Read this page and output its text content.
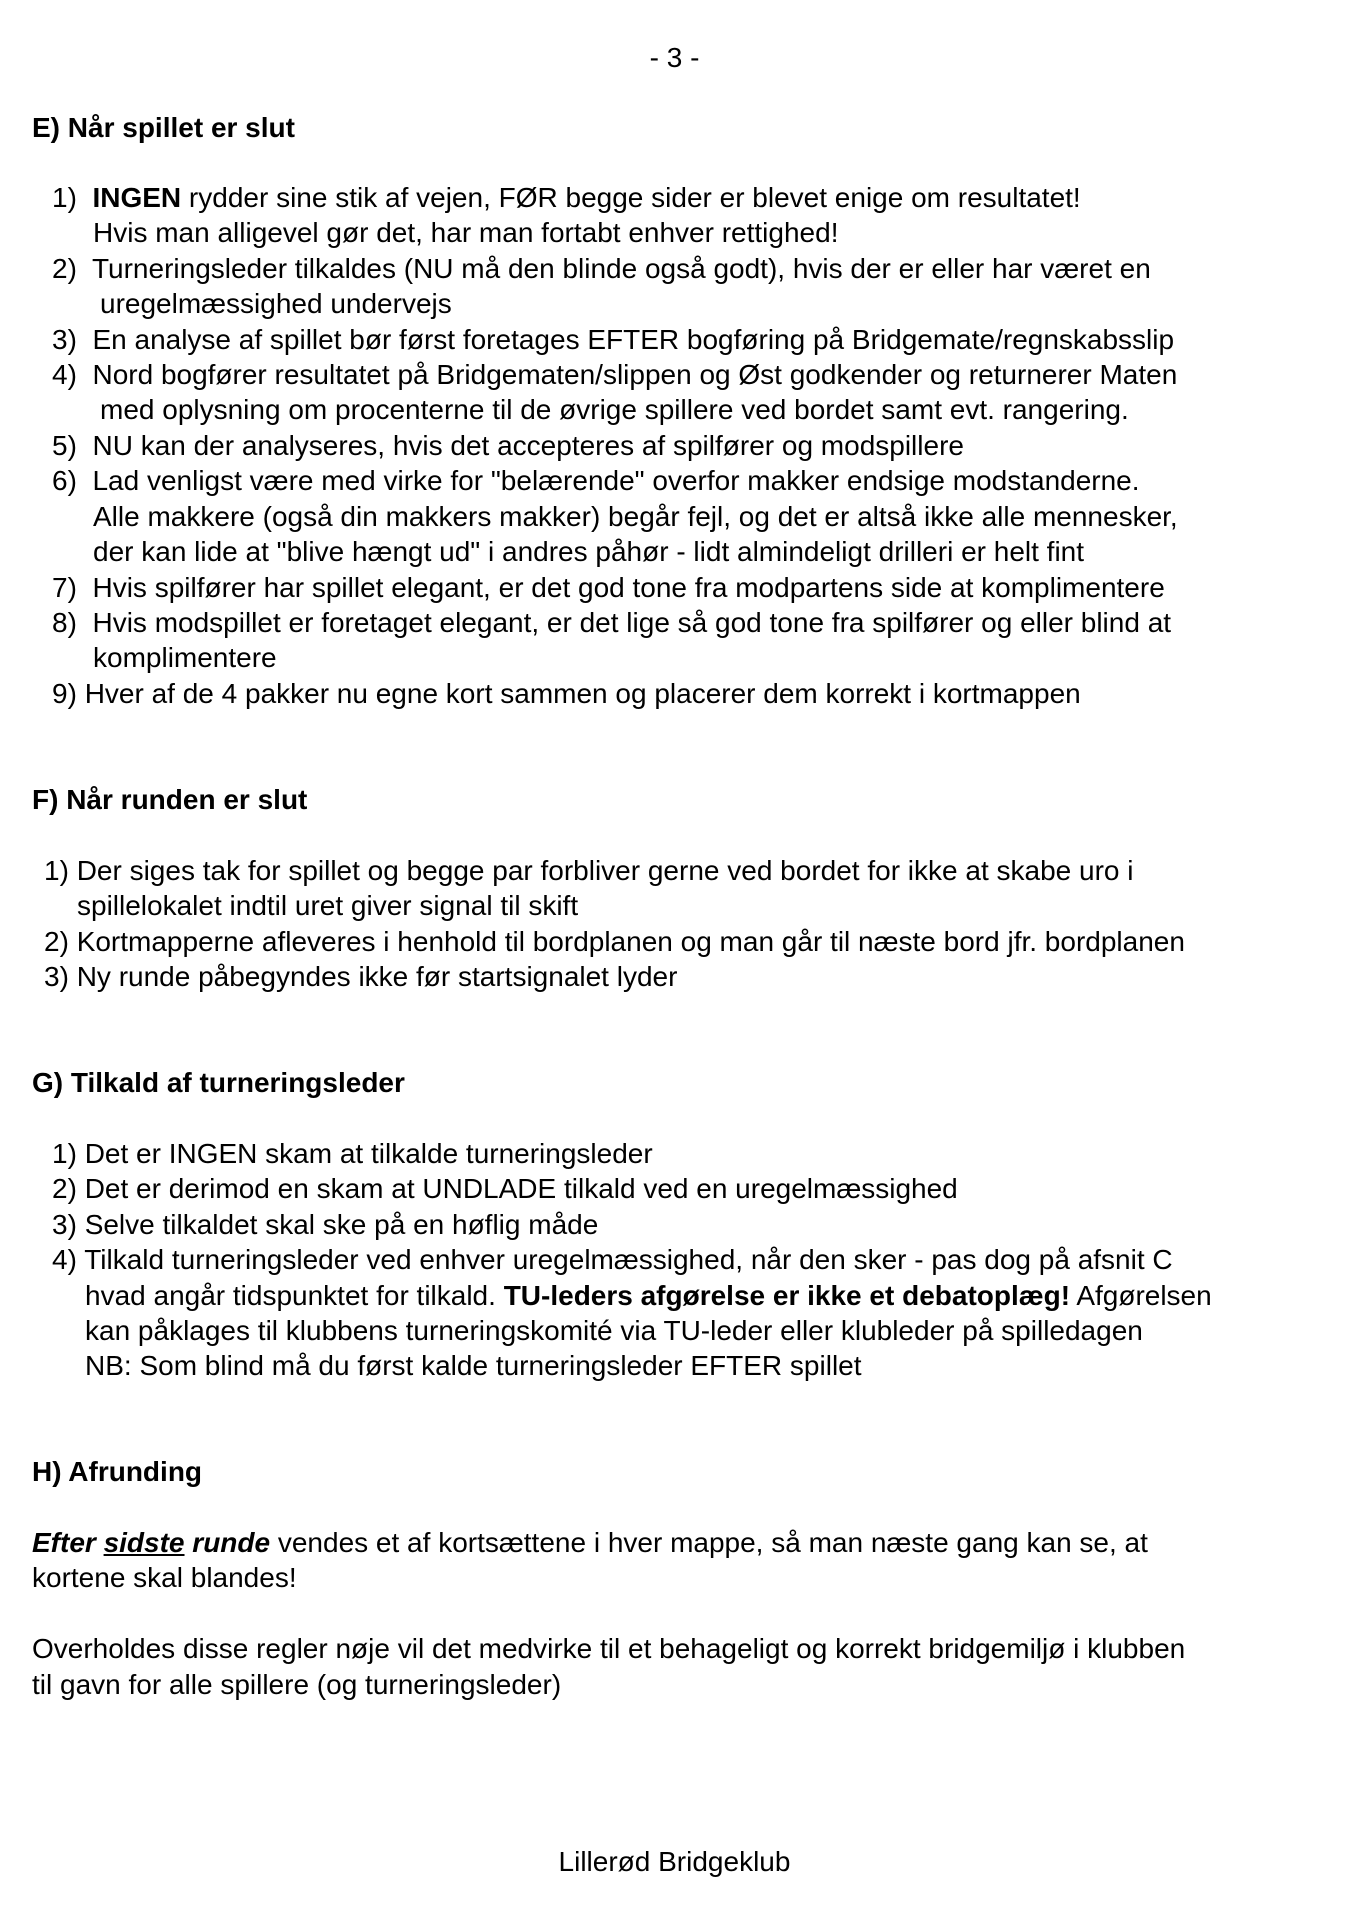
- 3 -
E) Når spillet er slut
1) INGEN rydder sine stik af vejen, FØR begge sider er blevet enige om resultatet!
Hvis man alligevel gør det, har man fortabt enhver rettighed!
2) Turneringsleder tilkaldes (NU må den blinde også godt), hvis der er eller har været en
uregelmæssighed undervejs
3) En analyse af spillet bør først foretages EFTER bogføring på Bridgemate/regnskabsslip
4) Nord bogfører resultatet på Bridgematen/slippen og Øst godkender og returnerer Maten
med oplysning om procenterne til de øvrige spillere ved bordet samt evt. rangering.
5) NU kan der analyseres, hvis det accepteres af spilfører og modspillere
6) Lad venligst være med virke for "belærende" overfor makker endsige modstanderne.
Alle makkere (også din makkers makker) begår fejl, og det er altså ikke alle mennesker,
der kan lide at "blive hængt ud" i andres påhør - lidt almindeligt drilleri er helt fint
7) Hvis spilfører har spillet elegant, er det god tone fra modpartens side at komplimentere
8) Hvis modspillet er foretaget elegant, er det lige så god tone fra spilfører og eller blind at
komplimentere
9) Hver af de 4 pakker nu egne kort sammen og placerer dem korrekt i kortmappen
F) Når runden er slut
1) Der siges tak for spillet og begge par forbliver gerne ved bordet for ikke at skabe uro i
spillelokalet indtil uret giver signal til skift
2) Kortmapperne afleveres i henhold til bordplanen og man går til næste bord jfr. bordplanen
3) Ny runde påbegyndes ikke før startsignalet lyder
G) Tilkald af turneringsleder
1) Det er INGEN skam at tilkalde turneringsleder
2) Det er derimod en skam at UNDLADE tilkald ved en uregelmæssighed
3) Selve tilkaldet skal ske på en høflig måde
4) Tilkald turneringsleder ved enhver uregelmæssighed, når den sker - pas dog på afsnit C
hvad angår tidspunktet for tilkald. TU-leders afgørelse er ikke et debatoplæg! Afgørelsen
kan påklages til klubbens turneringskomité via TU-leder eller klubleder på spilledagen
NB: Som blind må du først kalde turneringsleder EFTER spillet
H) Afrunding
Efter sidste runde vendes et af kortsættene i hver mappe, så man næste gang kan se, at
kortene skal blandes!
Overholdes disse regler nøje vil det medvirke til et behageligt og korrekt bridgemiljø i klubben
til gavn for alle spillere (og turneringsleder)
Lillerød Bridgeklub
